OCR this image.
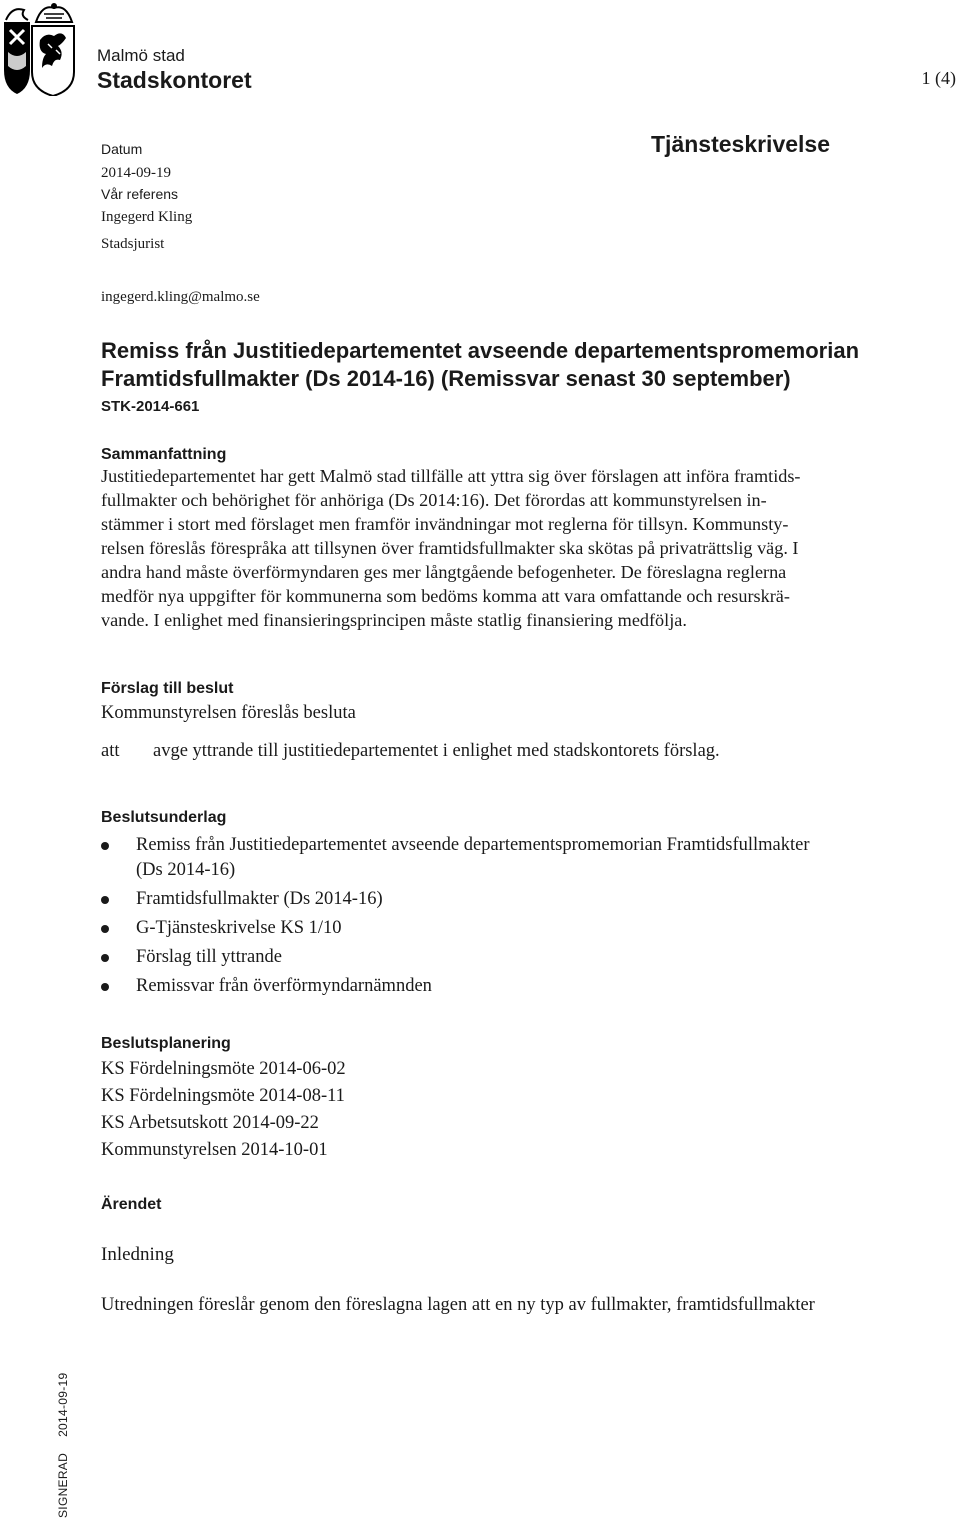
Malmö stad
Stadskontoret	1 (4)
Datum
2014-09-19
Vår referens
Ingegerd Kling
Stadsjurist
ingegerd.kling@malmo.se
Tjänsteskrivelse
Remiss från Justitiedepartementet avseende departementspromemorian
Framtidsfullmakter (Ds 2014-16) (Remissvar senast 30 september)
STK-2014-661
Sammanfattning
Justitiedepartementet har gett Malmö stad tillfälle att yttra sig över förslagen att införa framtids-
fullmakter och behörighet för anhöriga (Ds 2014:16). Det förordas att kommunstyrelsen in-
stämmer i stort med förslaget men framför invändningar mot reglerna för tillsyn. Kommunsty-
relsen föreslås förespråka att tillsynen över framtidsfullmakter ska skötas på privaträttslig väg. I
andra hand måste överförmyndaren ges mer långtgående befogenheter. De föreslagna reglerna
medför nya uppgifter för kommunerna som bedöms komma att vara omfattande och resurskrä-
vande. I enlighet med finansieringsprincipen måste statlig finansiering medfölja.
Förslag till beslut
Kommunstyrelsen föreslås besluta
att avge yttrande till justitiedepartementet i enlighet med stadskontorets förslag.
Beslutsunderlag
Remiss från Justitiedepartementet avseende departementspromemorian Framtidsfullmakter
(Ds 2014-16)
Framtidsfullmakter (Ds 2014-16)
G-Tjänsteskrivelse KS 1/10
Förslag till yttrande
Remissvar från överförmyndarnämnden
Beslutsplanering
KS Fördelningsmöte 2014-06-02
KS Fördelningsmöte 2014-08-11
KS Arbetsutskott 2014-09-22
Kommunstyrelsen 2014-10-01
Ärendet
Inledning
Utredningen föreslår genom den föreslagna lagen att en ny typ av fullmakter, framtidsfullmakter
SIGNERAD2014-09-19
